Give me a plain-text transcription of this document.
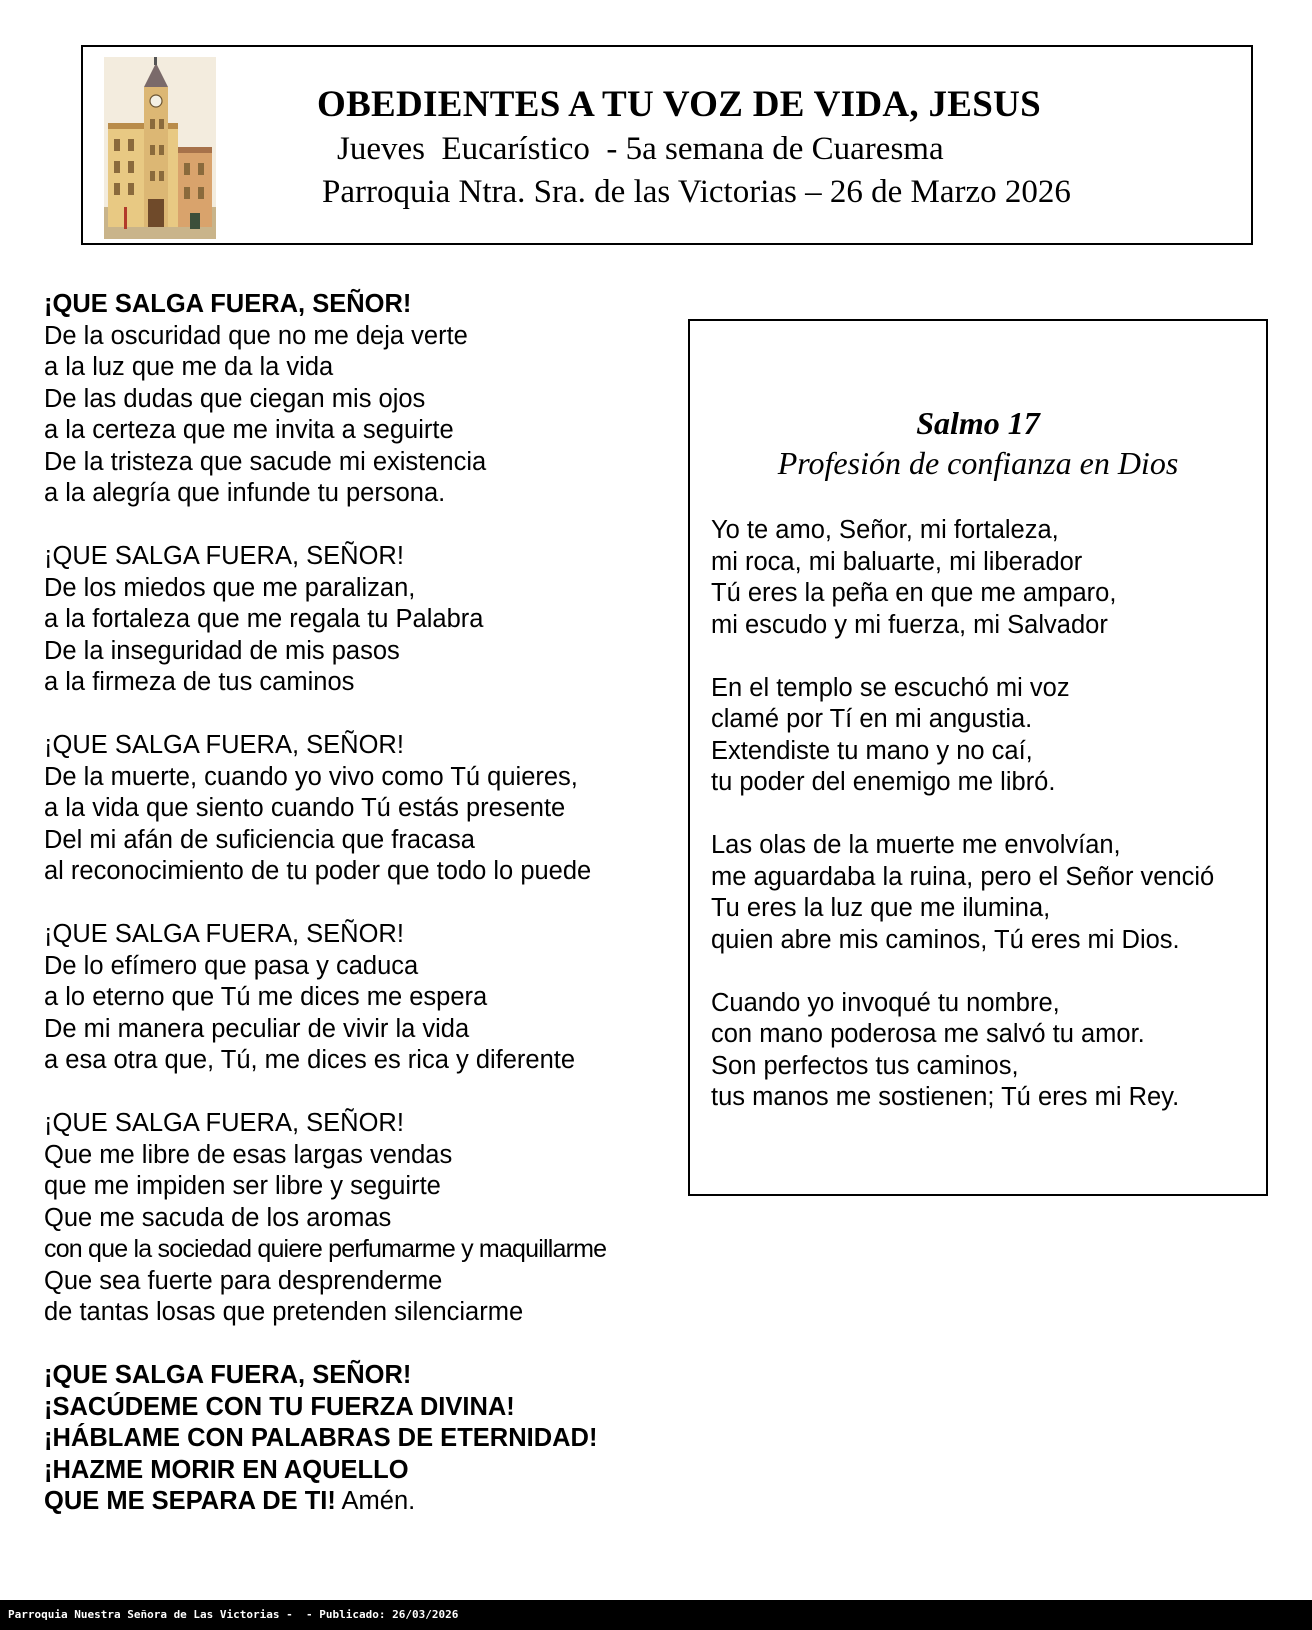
OBEDIENTES A TU VOZ DE VIDA, JESUS
Jueves  Eucarístico  - 5a semana de Cuaresma
Parroquia Ntra. Sra. de las Victorias – 26 de Marzo 2026
¡QUE SALGA FUERA, SEÑOR!
De la oscuridad que no me deja verte
a la luz que me da la vida
De las dudas que ciegan mis ojos
a la certeza que me invita a seguirte
De la tristeza que sacude mi existencia
a la alegría que infunde tu persona.
¡QUE SALGA FUERA, SEÑOR!
De los miedos que me paralizan,
a la fortaleza que me regala tu Palabra
De la inseguridad de mis pasos
a la firmeza de tus caminos
¡QUE SALGA FUERA, SEÑOR!
De la muerte, cuando yo vivo como Tú quieres,
a la vida que siento cuando Tú estás presente
Del mi afán de suficiencia que fracasa
al reconocimiento de tu poder que todo lo puede
¡QUE SALGA FUERA, SEÑOR!
De lo efímero que pasa y caduca
a lo eterno que Tú me dices me espera
De mi manera peculiar de vivir la vida
a esa otra que, Tú, me dices es rica y diferente
¡QUE SALGA FUERA, SEÑOR!
Que me libre de esas largas vendas
que me impiden ser libre y seguirte
Que me sacuda de los aromas
con que la sociedad quiere perfumarme y maquillarme
Que sea fuerte para desprenderme
de tantas losas que pretenden silenciarme
¡QUE SALGA FUERA, SEÑOR!
¡SACÚDEME CON TU FUERZA DIVINA!
¡HÁBLAME CON PALABRAS DE ETERNIDAD!
¡HAZME MORIR EN AQUELLO
QUE ME SEPARA DE TI! Amén.
Salmo 17
Profesión de confianza en Dios
Yo te amo, Señor, mi fortaleza,
mi roca, mi baluarte, mi liberador
Tú eres la peña en que me amparo,
mi escudo y mi fuerza, mi Salvador
En el templo se escuchó mi voz
clamé por Tí en mi angustia.
Extendiste tu mano y no caí,
tu poder del enemigo me libró.
Las olas de la muerte me envolvían,
me aguardaba la ruina, pero el Señor venció
Tu eres la luz que me ilumina,
quien abre mis caminos, Tú eres mi Dios.
Cuando yo invoqué tu nombre,
con mano poderosa me salvó tu amor.
Son perfectos tus caminos,
tus manos me sostienen; Tú eres mi Rey.
Parroquia Nuestra Señora de Las Victorias -  - Publicado: 26/03/2026
